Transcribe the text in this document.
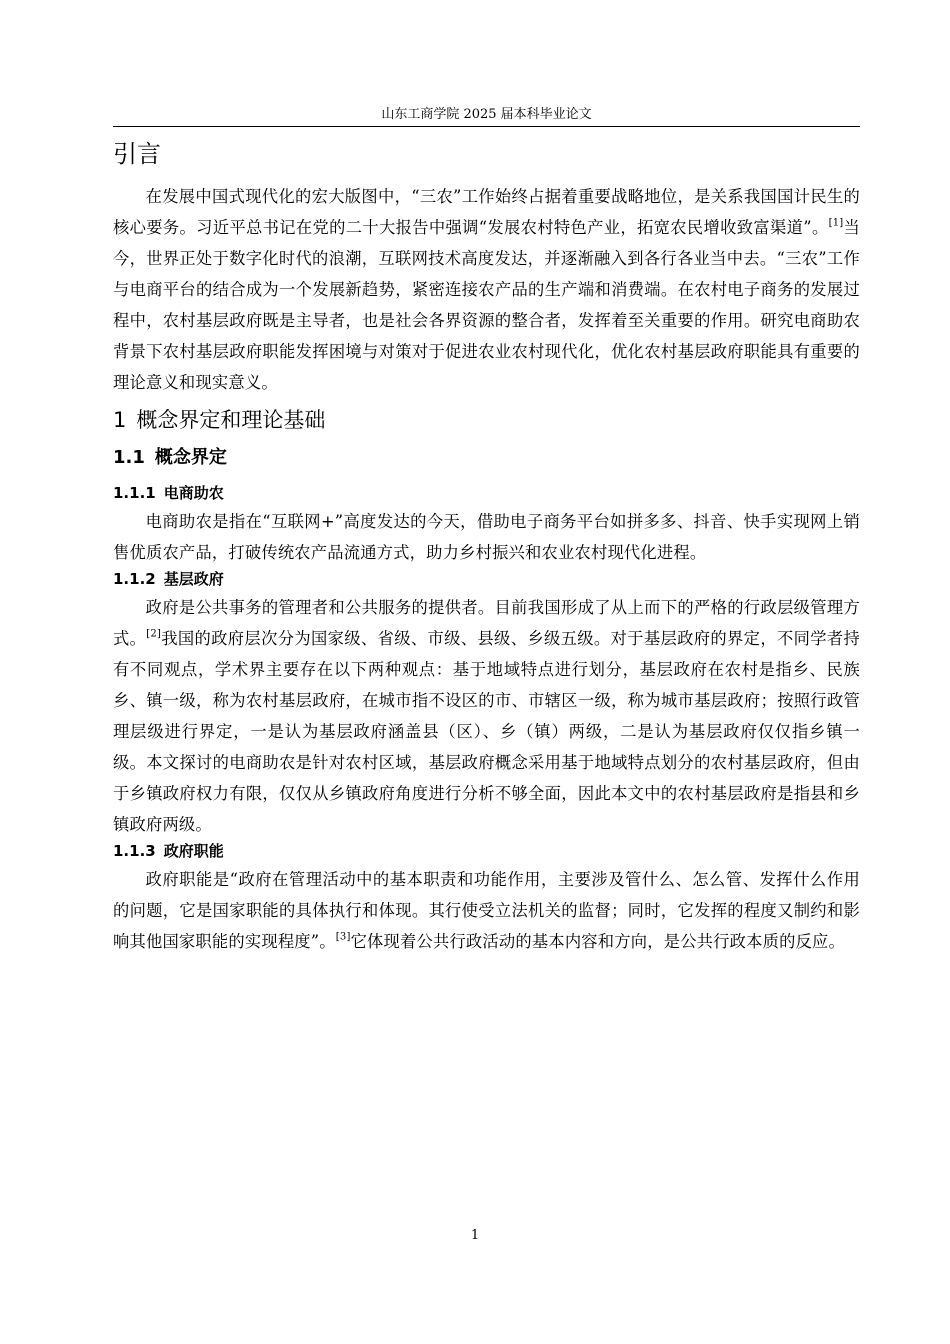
山东工商学院 2025 届本科毕业论文
引言

在发展中国式现代化的宏大版图中，“三农”工作始终占据着重要战略地位，是关系我国国计民生的核心要务。习近平总书记在党的二十大报告中强调“发展农村特色产业，拓宽农民增收致富渠道”。[1]当今，世界正处于数字化时代的浪潮，互联网技术高度发达，并逐渐融入到各行各业当中去。“三农”工作与电商平台的结合成为一个发展新趋势，紧密连接农产品的生产端和消费端。在农村电子商务的发展过程中，农村基层政府既是主导者，也是社会各界资源的整合者，发挥着至关重要的作用。研究电商助农背景下农村基层政府职能发挥困境与对策对于促进农业农村现代化，优化农村基层政府职能具有重要的理论意义和现实意义。

1 概念界定和理论基础
1.1 概念界定
1.1.1 电商助农

电商助农是指在“互联网+”高度发达的今天，借助电子商务平台如拼多多、抖音、快手实现网上销售优质农产品，打破传统农产品流通方式，助力乡村振兴和农业农村现代化进程。

1.1.2 基层政府

政府是公共事务的管理者和公共服务的提供者。目前我国形成了从上而下的严格的行政层级管理方式。[2]我国的政府层次分为国家级、省级、市级、县级、乡级五级。对于基层政府的界定，不同学者持有不同观点，学术界主要存在以下两种观点：基于地域特点进行划分，基层政府在农村是指乡、民族乡、镇一级，称为农村基层政府，在城市指不设区的市、市辖区一级，称为城市基层政府；按照行政管理层级进行界定，一是认为基层政府涵盖县（区）、乡（镇）两级，二是认为基层政府仅仅指乡镇一级。本文探讨的电商助农是针对农村区域，基层政府概念采用基于地域特点划分的农村基层政府，但由于乡镇政府权力有限，仅仅从乡镇政府角度进行分析不够全面，因此本文中的农村基层政府是指县和乡镇政府两级。

1.1.3 政府职能

政府职能是“政府在管理活动中的基本职责和功能作用，主要涉及管什么、怎么管、发挥什么作用的问题，它是国家职能的具体执行和体现。其行使受立法机关的监督；同时，它发挥的程度又制约和影响其他国家职能的实现程度”。[3]它体现着公共行政活动的基本内容和方向，是公共行政本质的反应。

1
